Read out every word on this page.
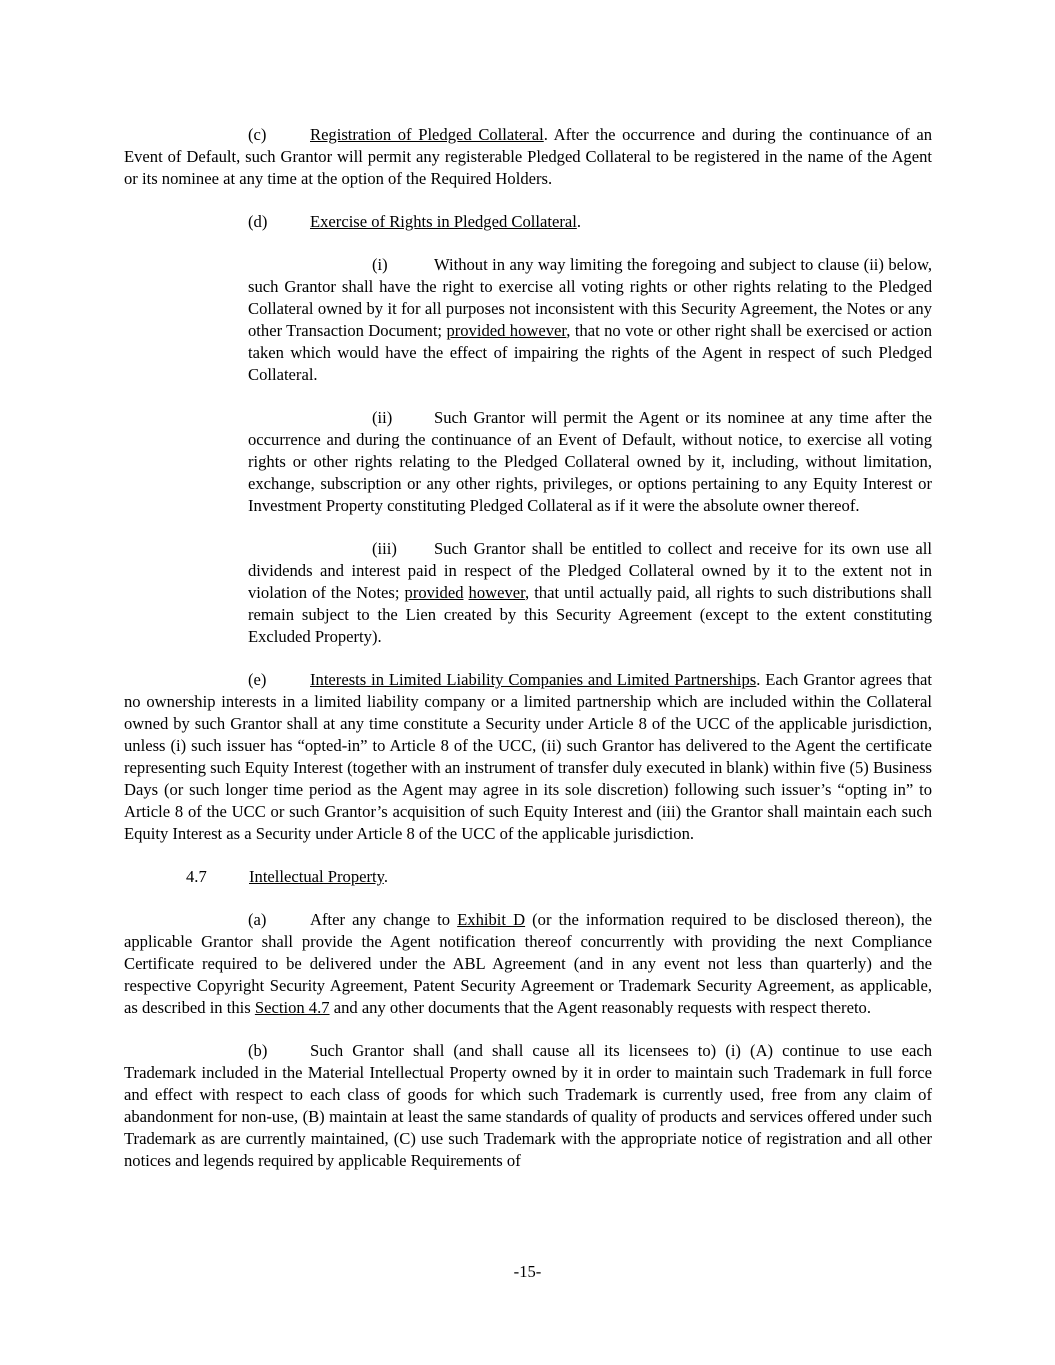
(c)	Registration of Pledged Collateral. After the occurrence and during the continuance of an Event of Default, such Grantor will permit any registerable Pledged Collateral to be registered in the name of the Agent or its nominee at any time at the option of the Required Holders.

(d)	Exercise of Rights in Pledged Collateral.

(i)	Without in any way limiting the foregoing and subject to clause (ii) below, such Grantor shall have the right to exercise all voting rights or other rights relating to the Pledged Collateral owned by it for all purposes not inconsistent with this Security Agreement, the Notes or any other Transaction Document; provided however, that no vote or other right shall be exercised or action taken which would have the effect of impairing the rights of the Agent in respect of such Pledged Collateral.

(ii)	Such Grantor will permit the Agent or its nominee at any time after the occurrence and during the continuance of an Event of Default, without notice, to exercise all voting rights or other rights relating to the Pledged Collateral owned by it, including, without limitation, exchange, subscription or any other rights, privileges, or options pertaining to any Equity Interest or Investment Property constituting Pledged Collateral as if it were the absolute owner thereof.

(iii) Such Grantor shall be entitled to collect and receive for its own use all dividends and interest paid in respect of the Pledged Collateral owned by it to the extent not in violation of the Notes; provided however, that until actually paid, all rights to such distributions shall remain subject to the Lien created by this Security Agreement (except to the extent constituting Excluded Property).

(e)	Interests in Limited Liability Companies and Limited Partnerships. Each Grantor agrees that no ownership interests in a limited liability company or a limited partnership which are included within the Collateral owned by such Grantor shall at any time constitute a Security under Article 8 of the UCC of the applicable jurisdiction, unless (i) such issuer has “opted-in” to Article 8 of the UCC, (ii) such Grantor has delivered to the Agent the certificate representing such Equity Interest (together with an instrument of transfer duly executed in blank) within five (5) Business Days (or such longer time period as the Agent may agree in its sole discretion) following such issuer’s “opting in” to Article 8 of the UCC or such Grantor’s acquisition of such Equity Interest and (iii) the Grantor shall maintain each such Equity Interest as a Security under Article 8 of the UCC of the applicable jurisdiction.

4.7	Intellectual Property.

(a)	After any change to Exhibit D (or the information required to be disclosed thereon), the applicable Grantor shall provide the Agent notification thereof concurrently with providing the next Compliance Certificate required to be delivered under the ABL Agreement (and in any event not less than quarterly) and the respective Copyright Security Agreement, Patent Security Agreement or Trademark Security Agreement, as applicable, as described in this Section 4.7 and any other documents that the Agent reasonably requests with respect thereto.

(b)	Such Grantor shall (and shall cause all its licensees to) (i) (A) continue to use each Trademark included in the Material Intellectual Property owned by it in order to maintain such Trademark in full force and effect with respect to each class of goods for which such Trademark is currently used, free from any claim of abandonment for non-use, (B) maintain at least the same standards of quality of products and services offered under such Trademark as are currently maintained, (C) use such Trademark with the appropriate notice of registration and all other notices and legends required by applicable Requirements of

-15-
